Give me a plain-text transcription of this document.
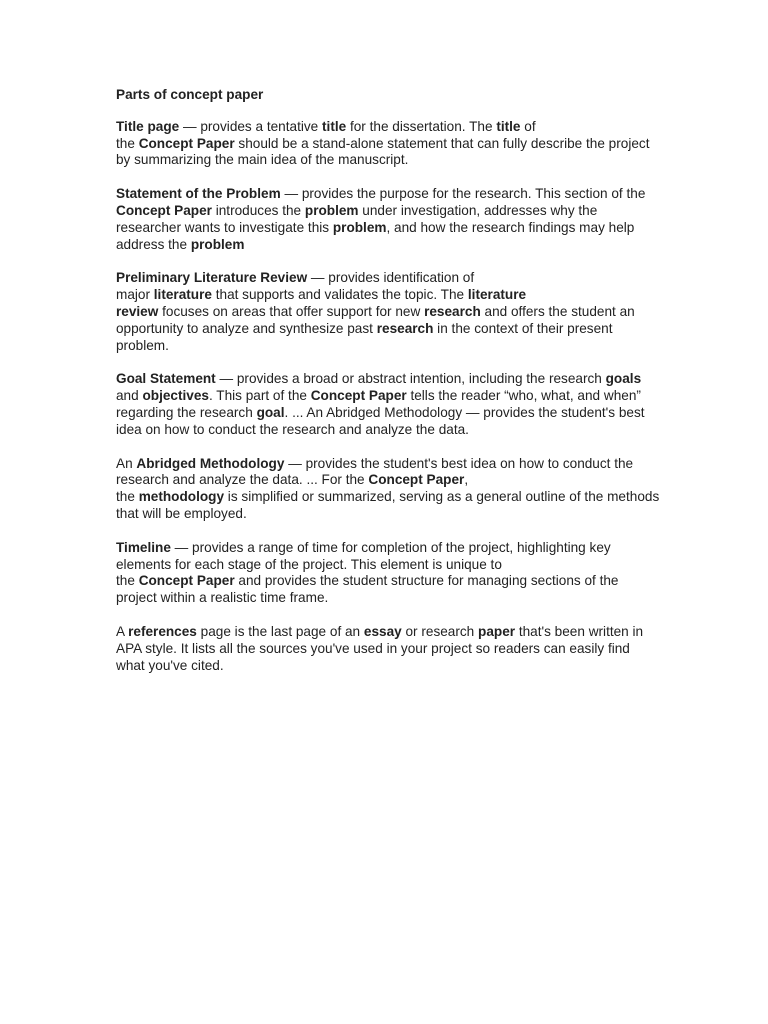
Parts of concept paper

Title page — provides a tentative title for the dissertation. The title of
the Concept Paper should be a stand-alone statement that can fully describe the project by summarizing the main idea of the manuscript.

Statement of the Problem — provides the purpose for the research. This section of the Concept Paper introduces the problem under investigation, addresses why the researcher wants to investigate this problem, and how the research findings may help address the problem

Preliminary Literature Review — provides identification of
major literature that supports and validates the topic. The literature
review focuses on areas that offer support for new research and offers the student an opportunity to analyze and synthesize past research in the context of their present problem.

Goal Statement — provides a broad or abstract intention, including the research goals and objectives. This part of the Concept Paper tells the reader “who, what, and when” regarding the research goal. ... An Abridged Methodology — provides the student's best idea on how to conduct the research and analyze the data.

An Abridged Methodology — provides the student's best idea on how to conduct the research and analyze the data. ... For the Concept Paper,
the methodology is simplified or summarized, serving as a general outline of the methods that will be employed.

Timeline — provides a range of time for completion of the project, highlighting key elements for each stage of the project. This element is unique to
the Concept Paper and provides the student structure for managing sections of the project within a realistic time frame.

A references page is the last page of an essay or research paper that's been written in APA style. It lists all the sources you've used in your project so readers can easily find what you've cited.
